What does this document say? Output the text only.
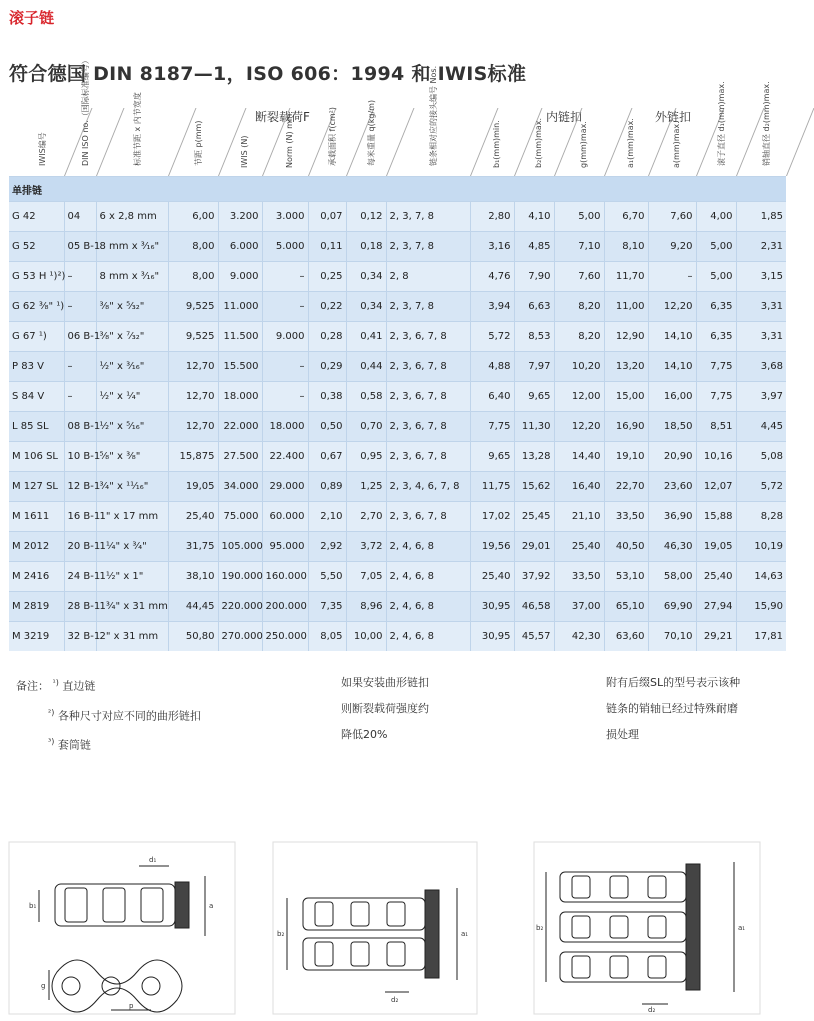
滚子链
符合德国 DIN 8187—1，ISO 606：1994 和 IWIS标准
断裂载荷F	内链扣	外链扣
IWIS编号	DIN ISO no.（国际标准编号）	标准节距 x 内节宽度	节距 p(mm)	IWIS (N)	Norm (N) min.	承载面积 f(cm²)	每米重量 q(kg/m)	链条相对应的接头编号 Nos.	b₁(mm)min.	b₂(mm)max.	g(mm)max.	a₁(mm)max.	a(mm)max.	滚子直径 d₁(mm)max.	销轴直径 d₂(mm)max.
单排链															
G 42	04	6 x 2,8 mm	6,00	3.200	3.000	0,07	0,12	2, 3, 7, 8	2,80	4,10	5,00	6,70	7,60	4,00	1,85
G 52	05 B-1	8 mm x ³⁄₁₆"	8,00	6.000	5.000	0,11	0,18	2, 3, 7, 8	3,16	4,85	7,10	8,10	9,20	5,00	2,31
G 53 H ¹)²)	–	8 mm x ³⁄₁₆"	8,00	9.000	–	0,25	0,34	2, 8	4,76	7,90	7,60	11,70	–	5,00	3,15
G 62 ³⁄₈" ¹)	–	³⁄₈" x ⁵⁄₃₂"	9,525	11.000	–	0,22	0,34	2, 3, 7, 8	3,94	6,63	8,20	11,00	12,20	6,35	3,31
G 67 ¹)	06 B-1	³⁄₈" x ⁷⁄₃₂"	9,525	11.500	9.000	0,28	0,41	2, 3, 6, 7, 8	5,72	8,53	8,20	12,90	14,10	6,35	3,31
P 83 V	–	¹⁄₂" x ³⁄₁₆"	12,70	15.500	–	0,29	0,44	2, 3, 6, 7, 8	4,88	7,97	10,20	13,20	14,10	7,75	3,68
S 84 V	–	¹⁄₂" x ¹⁄₄"	12,70	18.000	–	0,38	0,58	2, 3, 6, 7, 8	6,40	9,65	12,00	15,00	16,00	7,75	3,97
L 85 SL	08 B-1	¹⁄₂" x ⁵⁄₁₆"	12,70	22.000	18.000	0,50	0,70	2, 3, 6, 7, 8	7,75	11,30	12,20	16,90	18,50	8,51	4,45
M 106 SL	10 B-1	⁵⁄₈" x ³⁄₈"	15,875	27.500	22.400	0,67	0,95	2, 3, 6, 7, 8	9,65	13,28	14,40	19,10	20,90	10,16	5,08
M 127 SL	12 B-1	³⁄₄" x ¹¹⁄₁₆"	19,05	34.000	29.000	0,89	1,25	2, 3, 4, 6, 7, 8	11,75	15,62	16,40	22,70	23,60	12,07	5,72
M 1611	16 B-1	1" x 17 mm	25,40	75.000	60.000	2,10	2,70	2, 3, 6, 7, 8	17,02	25,45	21,10	33,50	36,90	15,88	8,28
M 2012	20 B-1	1¹⁄₄" x ³⁄₄"	31,75	105.000	95.000	2,92	3,72	2, 4, 6, 8	19,56	29,01	25,40	40,50	46,30	19,05	10,19
M 2416	24 B-1	1¹⁄₂" x 1"	38,10	190.000	160.000	5,50	7,05	2, 4, 6, 8	25,40	37,92	33,50	53,10	58,00	25,40	14,63
M 2819	28 B-1	1³⁄₄" x 31 mm	44,45	220.000	200.000	7,35	8,96	2, 4, 6, 8	30,95	46,58	37,00	65,10	69,90	27,94	15,90
M 3219	32 B-1	2" x 31 mm	50,80	270.000	250.000	8,05	10,00	2, 4, 6, 8	30,95	45,57	42,30	63,60	70,10	29,21	17,81

备注： $^{^1)}$ 直边链

$^{^2)}$ 各种尺寸对应不同的曲形链扣

$^{^3)}$ 套筒链

如果安装曲形链扣

则断裂载荷强度约

降低20%

附有后缀SL的型号表示该种

链条的销轴已经过特殊耐磨

损处理

b₁	a
d₁
g
p
b₂	a₁
d₂
b₂	a₁
d₂
